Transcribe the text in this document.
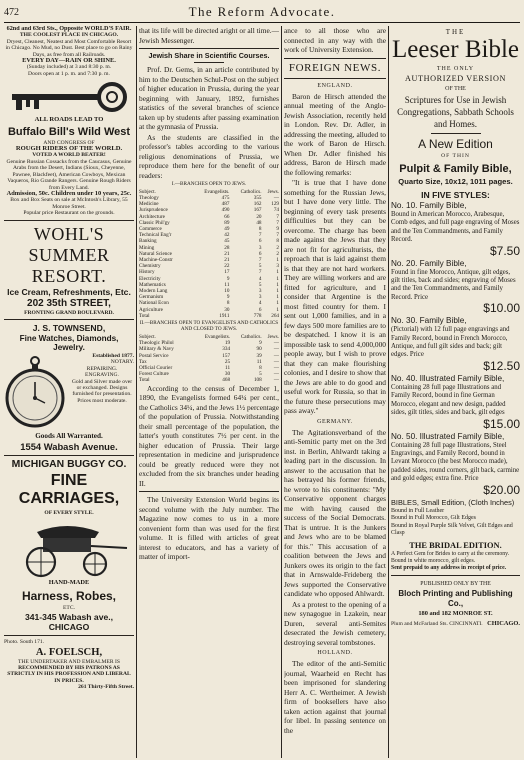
472	The Reform Advocate.

62nd and 63rd Sts., Opposite WORLD'S FAIR.

THE COOLEST PLACE IN CHICAGO.

Dryest, Cleanest, Neatest and Most Comfortable Resort in Chicago. No Mud, no Dust. Best place to go on Rainy Days, as free from all Railroads.

EVERY DAY—RAIN OR SHINE.

(Sunday included) at 3 and 8:30 p. m.

Doors open at 1 p. m. and 7:30 p. m.

ALL ROADS LEAD TO

Buffalo Bill's Wild West

AND CONGRESS OF

ROUGH RIDERS OF THE WORLD.

VOTED A WORLD BEATER!

Genuine Russian Cossacks from the Caucasus, Genuine Arabs from the Desert, Indians (Sioux, Cheyenne, Pawnee, Blackfeet), American Cowboys, Mexican Vaqueros, Rio Grande Rangers. Genuine Rough Riders from Every Land.

Admission, 50c. Children under 10 years, 25c.

Box and Box Seats on sale at McIntosh's Library, 55 Monroe Street.

Popular price Restaurant on the grounds.

WOHL'S

SUMMER

RESORT.

Ice Cream, Refreshments, Etc.

202 35th STREET,

FRONTING GRAND BOULEVARD.

J. S. TOWNSEND,

Fine Watches, Diamonds, Jewelry.

Established 1877.

NOTARY.

REPAIRING. ENGRAVING.

Gold and Silver made over or exchanged. Designs furnished for presentation. Prices most moderate.

Goods All Warranted.

1554 Wabash Avenue.

MICHIGAN BUGGY CO.

FINE CARRIAGES,

OF EVERY STYLE.

HAND-MADE

Harness, Robes,

ETC.

341-345 Wabash ave., CHICAGO

Photo. South 171.

A. FOELSCH,

THE UNDERTAKER AND EMBALMER IS

RECOMMENDED BY HIS PATRONS AS STRICTLY IN HIS PROFESSION AND LIBERAL IN PRICES.

261 Thirty-Fifth Street.

that its life will be directed aright or all time.—Jewish Messenger.

Jewish Share in Scientific Courses.

Prof. Dr. Gems, in an article contributed by him to the Deutschen Schul-Post on the subject of higher education in Prussia, during the year beginning with January, 1892, furnishes statistics of the several branches of science taken up by students after passing examination at the gymnasia of Prussia.

As the students are classified in the professor's tables according to the various religious denominations of Prussia, we reproduce them here for the benefit of our readers:

I.—BRANCHES OPEN TO JEWS.

Subject.	Evangelists.	Catholics.	Jews.
Theology	475	355	—
Medicine	487	162	129
Jurisprudence	490	167	74
Architecture	66	20	7
Classic Phil'gy	89	48	7
Commerce	49	8	9
Technical Eng'r	42	7	7
Banking	45	6	8
Mining	28	3	2
Natural Science	21	6	2
Machine-Constr	21	7	1
Chemistry	22	5	3
History	17	7	1
Electricity	9	4	1
Mathematics	11	5	1
Modern Lang	10	3	1
Germanism	9	3	1
National Econ	8	4	1
Agriculture	30	6	1
Total	1911	778	264

II.—BRANCHES OPEN TO EVANGELISTS AND CATHOLICS AND CLOSED TO JEWS.

Subject.	Evangelists.	Catholics.	Jews.
Theologic Philol	19	9	—
Military & Navy	334	90	—
Postal Service	157	39	—
Tax	25	11	—
Official Courier	11	8	—
Forest Culture	30	5	—
Total	468	108	—

According to the census of December 1, 1890, the Evangelists formed 64¼ per cent., the Catholics 34¼, and the Jews 1½ percentage of the population of Prussia. Notwithstanding their small percentage of the population, the latter's youth constitutes 7½ per cent. in the higher education of Prussia. Their large representation in medicine and jurisprudence could be greatly reduced were they not excluded from the six branches under heading II.

The University Extension World begins its second volume with the July number. The Magazine now comes to us in a more convenient form than was used for the first volume. It is filled with articles of great interest to educators, and has a variety of matter of import-

ance to all those who are connected in any way with the work of University Extension.

FOREIGN NEWS.

ENGLAND.

Baron de Hirsch attended the annual meeting of the Anglo-Jewish Association, recently held in London. Rev. Dr. Adler, in addressing the meeting, alluded to the work of Baron de Hirsch. When Dr. Adler finished his address, Baron de Hirsch made the following remarks:

"It is true that I have done something for the Russian Jews, but I have done very little. The beginning of every task presents difficulties but they can be overcome. The charge has been made against the Jews that they are not fit for agriculturists, the reproach that is laid against them is that they are not hard workers. They are willing workers and are fitted for agriculture, and I consider that Argentine is the most fitted country for them. I sent out 1,000 families, and in a few days 500 more families are to be despatched. I know it is an impossible task to send 4,000,000 people away, but I wish to prove that they can make flourishing colonies, and I desire to show that the Jews are able to do good and useful work for Russia, so that in the future these persecutions may pass away."

GERMANY.

The Agitationsverband of the anti-Semitic party met on the 3rd inst. in Berlin, Ahlwardt taking a leading part in the discussion. In answer to the accusation that he has betrayed his former friends, he wrote to his constituents: "My Conservative opponent charges me with having caused the success of the Social Democrats. That is untrue. It is the Junkers and Jews who are to be blamed for this." This accusation of a coalition between the Jews and Junkers owes its origin to the fact that in Arnswalde-Frideberg the Jews supported the Conservative candidate who opposed Ahlwardt.

As a protest to the opening of a new synagogue in Lzakein, near Duren, several anti-Semites desecrated the Jewish cemetery, destroying several tombstones.

HOLLAND.

The editor of the anti-Semitic journal, Waarheid en Recht has been imprisoned for slandering Herr A. C. Wertheimer. A Jewish firm of booksellers have also taken action against that journal for libel. In passing sentence on the

THE

Leeser Bible

THE ONLY

AUTHORIZED VERSION

OF THE

Scriptures for Use in Jewish Congregations, Sabbath Schools and Homes.

A New Edition

OF THIN

Pulpit & Family Bible,

Quarto Size, 10x12, 1011 pages.

IN FIVE STYLES:

No. 10. Family Bible,

Bound in American Morocco, Arabesque, Comb edges, and full page engraving of Moses and the Ten Commandments, and Family Record.

$7.50

No. 20. Family Bible,

Found in fine Morocco, Antique, gilt edges, gilt titles, back and sides; engraving of Moses and the Ten Commandments, and Family Record. Price

$10.00

No. 30. Family Bible,

(Pictorial) with 12 full page engravings and Family Record, bound in French Morocco, Antique, and full gilt sides and back; gilt edges. Price

$12.50

No. 40. Illustrated Family Bible,

Containing 28 full page Illustrations and Family Record, bound in fine German Morocco, elegant and new design, padded sides, gilt titles, sides and back, gilt edges

$15.00

No. 50. Illustrated Family Bible,

Containing 28 full page Illustrations, Steel Engravings, and Family Record, bound in Levant Morocco (the best Morocco made), padded sides, round corners, gilt back, carmine and gold edges; extra fine. Price

$20.00

BIBLES, Small Edition, (Cloth Inches)

Bound in Full Leather

Bound in Full Morocco, Gilt Edges

Bound in Royal Purple Silk Velvet, Gilt Edges and Clasp

THE BRIDAL EDITION.

A Perfect Gem for Brides to carry at the ceremony. Bound in white morocco, gilt edges.

Sent prepaid to any address in receipt of price.

PUBLISHED ONLY BY THE

Bloch Printing and Publishing Co.,

180 and 182 MONROE ST.

Plum and McFarland Sts. CINCINNATI. CHICAGO.
